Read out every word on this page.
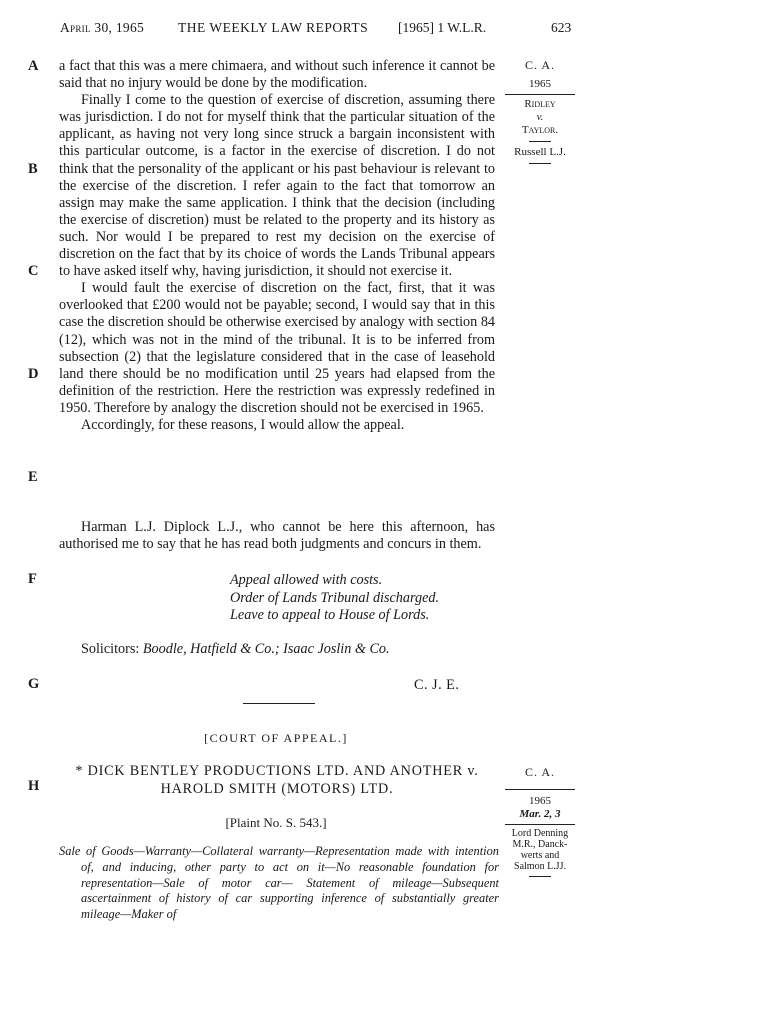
April 30, 1965	THE WEEKLY LAW REPORTS [1965] 1 W.L.R.	623
A
B
C
D
E
F
G
H
C. A.
1965
Ridley
v.
Taylor.
Russell L.J.

a fact that this was a mere chimaera, and without such inference it cannot be said that no injury would be done by the modification.

Finally I come to the question of exercise of discretion, assuming there was jurisdiction. I do not for myself think that the particular situation of the applicant, as having not very long since struck a bargain inconsistent with this particular outcome, is a factor in the exercise of discretion. I do not think that the personality of the applicant or his past behaviour is relevant to the exercise of the discretion. I refer again to the fact that tomorrow an assign may make the same application. I think that the decision (including the exercise of discretion) must be related to the property and its history as such. Nor would I be prepared to rest my decision on the exercise of discretion on the fact that by its choice of words the Lands Tribunal appears to have asked itself why, having jurisdiction, it should not exercise it.

I would fault the exercise of discretion on the fact, first, that it was overlooked that £200 would not be payable; second, I would say that in this case the discretion should be otherwise exercised by analogy with section 84 (12), which was not in the mind of the tribunal. It is to be inferred from subsection (2) that the legislature considered that in the case of leasehold land there should be no modification until 25 years had elapsed from the definition of the restriction. Here the restriction was expressly redefined in 1950. Therefore by analogy the discretion should not be exercised in 1965.

Accordingly, for these reasons, I would allow the appeal.

Harman L.J. Diplock L.J., who cannot be here this afternoon, has authorised me to say that he has read both judgments and concurs in them.

Appeal allowed with costs.
Order of Lands Tribunal discharged.
Leave to appeal to House of Lords.
Solicitors: Boodle, Hatfield & Co.; Isaac Joslin & Co.
C. J. E.
[COURT OF APPEAL.]
* DICK BENTLEY PRODUCTIONS LTD. AND ANOTHER v.
HAROLD SMITH (MOTORS) LTD.
[Plaint No. S. 543.]
C. A.
1965
Mar. 2, 3
Lord Denning
M.R., Danck-
werts and
Salmon L.JJ.

Sale of Goods—Warranty—Collateral warranty—Representation made with intention of, and inducing, other party to act on it—No reasonable foundation for representation—Sale of motor car— Statement of mileage—Subsequent ascertainment of history of car supporting inference of substantially greater mileage—Maker of
